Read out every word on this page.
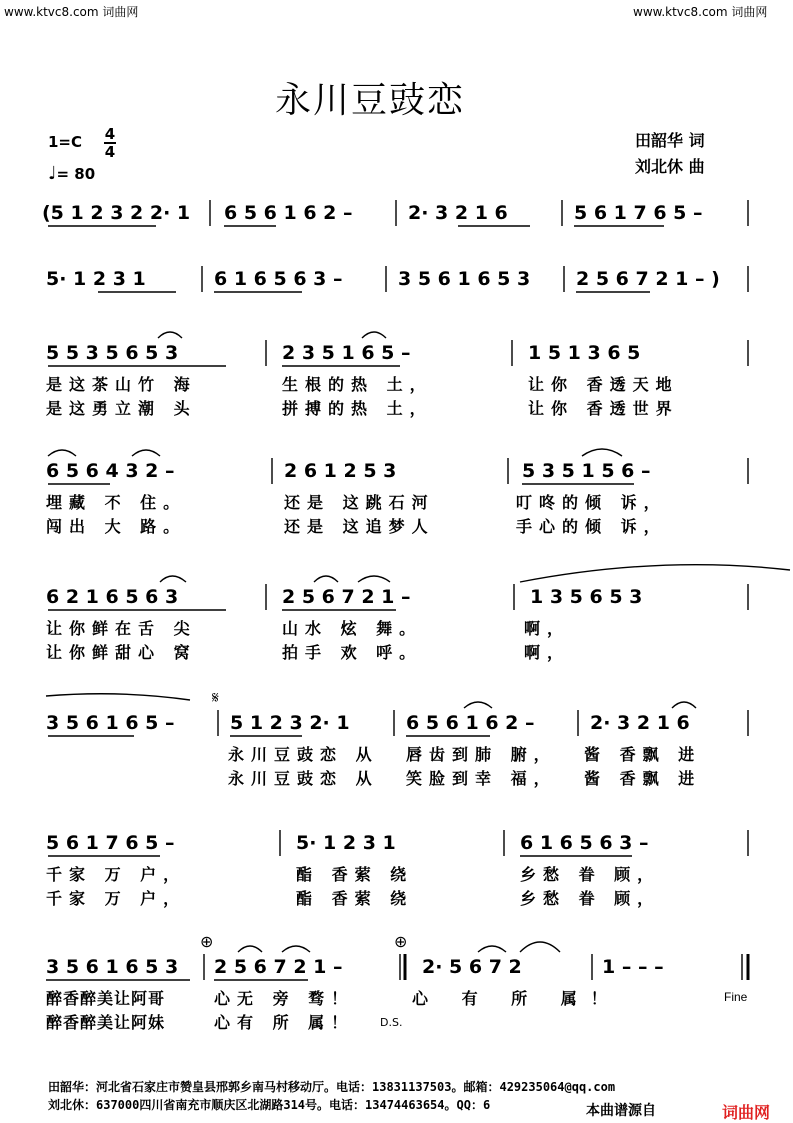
www.ktvc8.com 词曲网	www.ktvc8.com 词曲网
永川豆豉恋
1=C 4
4
♩= 80
田韶华 词
刘北休 曲
(5 1 2 3 2 2· 1 6 5 6 1 6 2 –	2· 3 2 1 6	5 6 1 7 6 5 –
5· 1 2 3 1	6 1 6 5 6 3 –	3 5 6 1 6 5 3 2 5 6 7 2 1 – )
5 5 3 5 6 5 3	2 3 5 1 6 5 –	1 5 1 3 6 5
是这茶山竹 海	生根的热 土，	让你 香透天地
是这勇立潮 头	拼搏的热 土，	让你 香透世界
6 5 6 4 3 2 –	2 6 1 2 5 3	5 3 5 1 5 6 –
埋藏 不 住。	还是 这跳石河	叮咚的倾 诉，
闯出 大 路。	还是 这追梦人	手心的倾 诉，
6 2 1 6 5 6 3	2 5 6 7 2 1 –	1 3 5 6 5 3
让你鲜在舌 尖	山水 炫 舞。	啊，
让你鲜甜心 窝	拍手 欢 呼。	啊，
𝄋
3 5 6 1 6 5 –	5 1 2 3 2· 1	6 5 6 1 6 2 –	2· 3 2 1 6
永川豆豉恋 从 唇齿到肺 腑， 酱 香飘 进
永川豆豉恋 从 笑脸到幸 福， 酱 香飘 进
5 6 1 7 6 5 –	5· 1 2 3 1	6 1 6 5 6 3 –
千家 万 户，	酯 香萦 绕	乡愁 眷 顾，
千家 万 户，	酯 香萦 绕	乡愁 眷 顾，
⊕	⊕
3 5 6 1 6 5 3 2 5 6 7 2 1 –	2· 5 6 7 2	1 – – –
醉香醉美让阿哥	心无 旁 骛！	心 有 所 属！
醉香醉美让阿妹	心有 所 属！ D.S.
Fine
田韶华：河北省石家庄市赞皇县邢郭乡南马村移动厅。电话：13831137503。邮箱：429235064@qq.com
刘北休：637000四川省南充市顺庆区北湖路314号。电话：13474463654。QQ：6	本曲谱源自	词曲网
